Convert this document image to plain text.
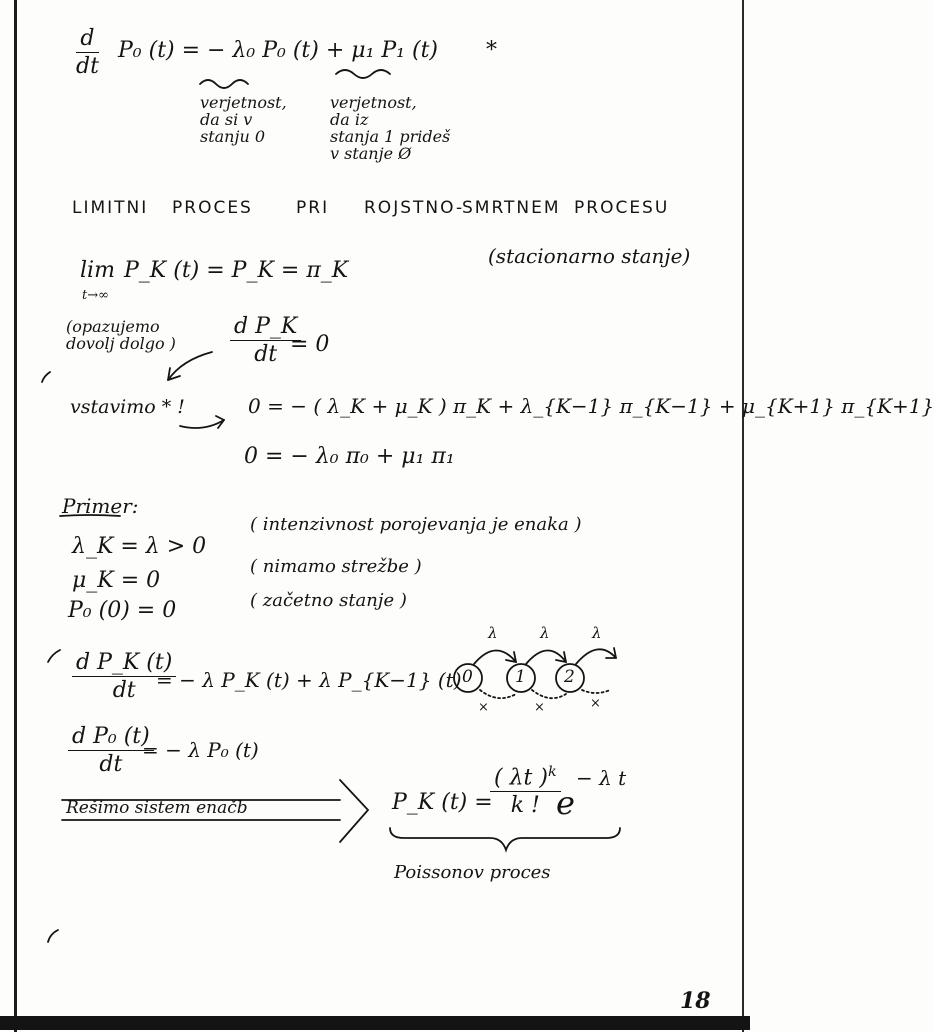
d
dt
P₀ (t) = − λ₀ P₀ (t) + μ₁ P₁ (t) *
verjetnost,
da si v
stanju 0
verjetnost,
da iz
stanja 1 prideš
v stanje Ø
LIMITNI PROCES	PRI ROJSTNO-
SMRTNEM PROCESU
lim
t→∞
P_K (t) = P_K = π_K
(stacionarno stanje)
(opazujemo
dovolj dolgo )
d P_K
dt = 0
vstavimo * !	0 = − ( λ_K + μ_K ) π_K + λ_{K−1} π_{K−1} + μ_{K+1} π_{K+1}
0 = − λ₀ π₀ + μ₁ π₁
Primer:
λ_K = λ > 0
μ_K = 0
P₀ (0) = 0
( intenzivnost porojevanja je enaka )
( nimamo strežbe )
( začetno stanje )
d P_K (t)
dt	= − λ P_K (t) + λ P_{K−1} (t)
d P₀ (t)
dt
= − λ P₀ (t)
0 1 2
λ	λ	λ
×	×	×
Rešimo sistem enačb	P_K (t) =
( λt )$^k$
k ! e
− λ t
Poissonov proces
18
